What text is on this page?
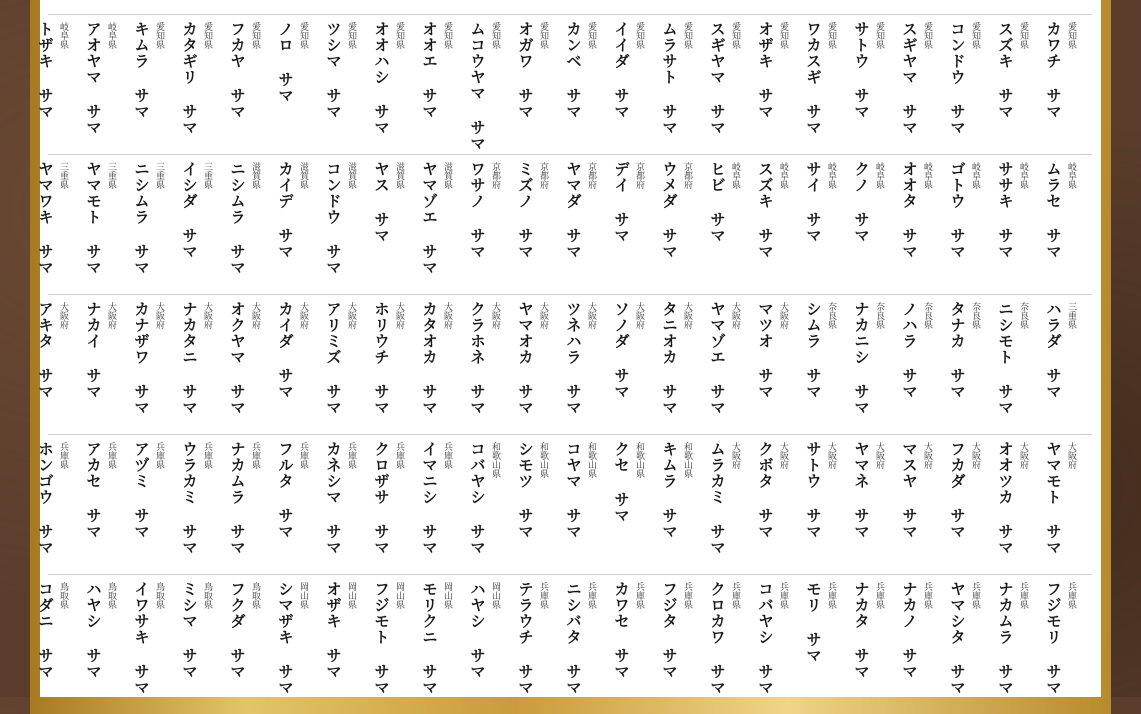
カワチ サマ 愛知県
スズキ サマ 愛知県
コンドウ サマ 愛知県
スギヤマ サマ 愛知県
サトウ サマ 愛知県
ワカスギ サマ 愛知県
オザキ サマ 愛知県
スギヤマ サマ 愛知県
ムラサト サマ 愛知県
イイダ サマ 愛知県
カンベ サマ 愛知県
オガワ サマ 愛知県
ムコウヤマ サマ 愛知県
オオエ サマ 愛知県
オオハシ サマ 愛知県
ツシマ サマ 愛知県
ノロ サマ 愛知県
フカヤ サマ 愛知県
カタギリ サマ 愛知県
キムラ サマ 愛知県
アオヤマ サマ 岐阜県
トザキ サマ 岐阜県
ムラセ サマ 岐阜県
ササキ サマ 岐阜県
ゴトウ サマ 岐阜県
オオタ サマ 岐阜県
クノ サマ 岐阜県
サイ サマ 岐阜県
スズキ サマ 岐阜県
ヒビ サマ 岐阜県
ウメダ サマ 京都府
デイ サマ 京都府
ヤマダ サマ 京都府
ミズノ サマ 京都府
ワサノ サマ 京都府
ヤマゾエ サマ 滋賀県
ヤス サマ 滋賀県
コンドウ サマ 滋賀県
カイデ サマ 滋賀県
ニシムラ サマ 滋賀県
イシダ サマ 三重県
ニシムラ サマ 三重県
ヤマモト サマ 三重県
ヤマワキ サマ 三重県
ハラダ サマ 三重県
ニシモト サマ 奈良県
タナカ サマ 奈良県
ノハラ サマ 奈良県
ナカニシ サマ 奈良県
シムラ サマ 奈良県
マツオ サマ 大阪府
ヤマゾエ サマ 大阪府
タニオカ サマ 大阪府
ソノダ サマ 大阪府
ツネハラ サマ 大阪府
ヤマオカ サマ 大阪府
クラホネ サマ 大阪府
カタオカ サマ 大阪府
ホリウチ サマ 大阪府
アリミズ サマ 大阪府
カイダ サマ 大阪府
オクヤマ サマ 大阪府
ナカタニ サマ 大阪府
カナザワ サマ 大阪府
ナカイ サマ 大阪府
アキタ サマ 大阪府
ヤマモト サマ 大阪府
オオツカ サマ 大阪府
フカダ サマ 大阪府
マスヤ サマ 大阪府
ヤマネ サマ 大阪府
サトウ サマ 大阪府
クボタ サマ 大阪府
ムラカミ サマ 大阪府
キムラ サマ 和歌山県
クセ サマ 和歌山県
コヤマ サマ 和歌山県
シモツ サマ 和歌山県
コバヤシ サマ 和歌山県
イマニシ サマ 兵庫県
クロザサ サマ 兵庫県
カネシマ サマ 兵庫県
フルタ サマ 兵庫県
ナカムラ サマ 兵庫県
ウラカミ サマ 兵庫県
アヅミ サマ 兵庫県
アカセ サマ 兵庫県
ホンゴウ サマ 兵庫県
フジモリ サマ 兵庫県
ナカムラ サマ 兵庫県
ヤマシタ サマ 兵庫県
ナカノ サマ 兵庫県
ナカタ サマ 兵庫県
モリ サマ 兵庫県
コバヤシ サマ 兵庫県
クロカワ サマ 兵庫県
フジタ サマ 兵庫県
カワセ サマ 兵庫県
ニシバタ サマ 兵庫県
テラウチ サマ 兵庫県
ハヤシ サマ 岡山県
モリクニ サマ 岡山県
フジモト サマ 岡山県
オザキ サマ 岡山県
シマザキ サマ 岡山県
フクダ サマ 鳥取県
ミシマ サマ 鳥取県
イワサキ サマ 鳥取県
ハヤシ サマ 鳥取県
コダニ サマ 鳥取県
